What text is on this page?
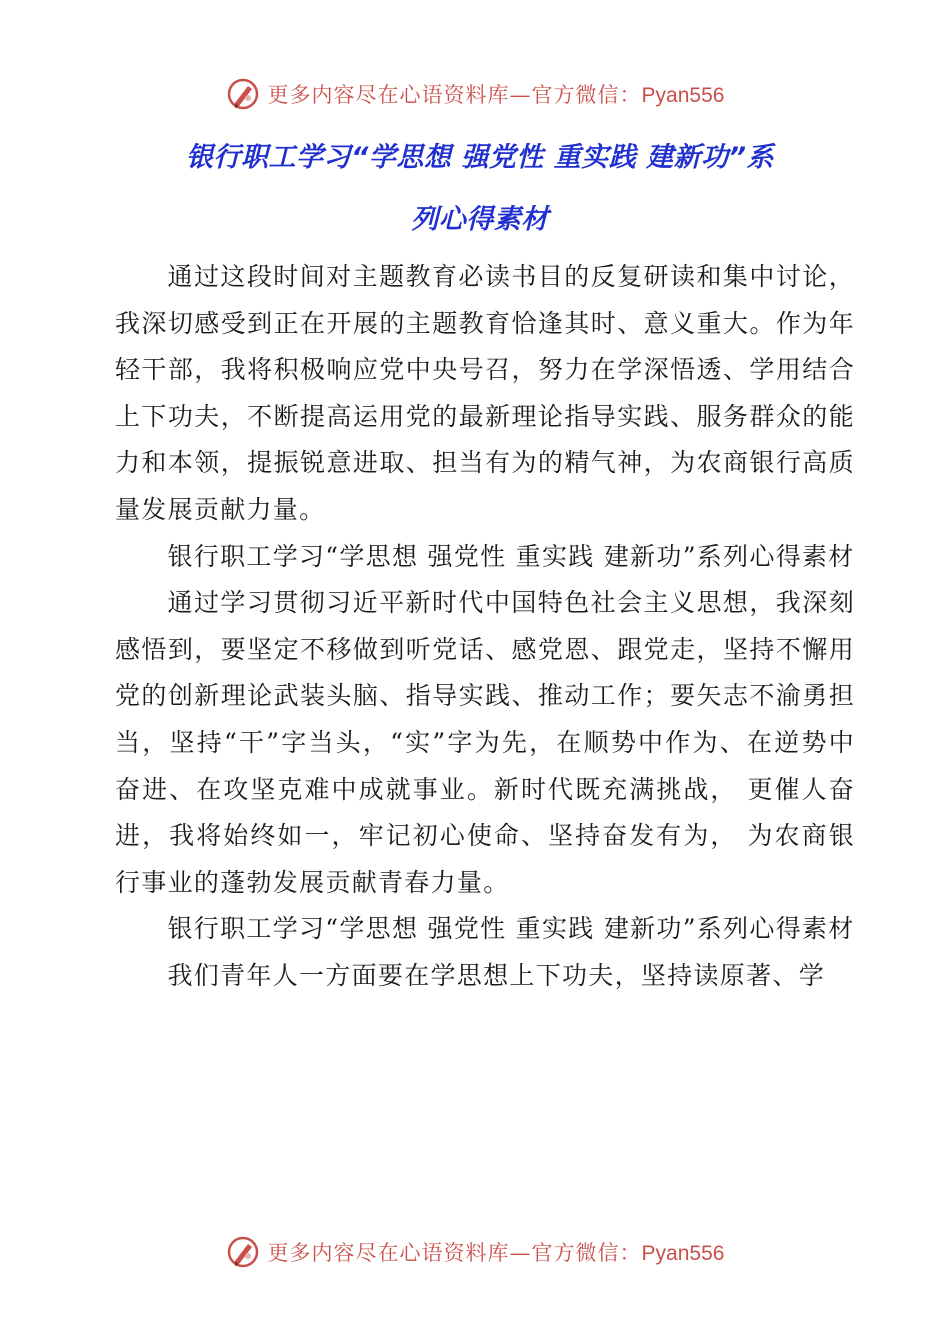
更多内容尽在心语资料库—官方微信：Pyan556
银行职工学习“学思想 强党性 重实践 建新功”系
列心得素材

通过这段时间对主题教育必读书目的反复研读和集中讨论，我深切感受到正在开展的主题教育恰逢其时、意义重大。作为年轻干部，我将积极响应党中央号召，努力在学深悟透、学用结合上下功夫，不断提高运用党的最新理论指导实践、服务群众的能力和本领，提振锐意进取、担当有为的精气神，为农商银行高质量发展贡献力量。

银行职工学习“学思想 强党性 重实践 建新功”系列心得素材

通过学习贯彻习近平新时代中国特色社会主义思想，我深刻感悟到，要坚定不移做到听党话、感党恩、跟党走，坚持不懈用党的创新理论武装头脑、指导实践、推动工作；要矢志不渝勇担当，坚持“干”字当头，“实”字为先，在顺势中作为、在逆势中奋进、在攻坚克难中成就事业。新时代既充满挑战， 更催人奋进，我将始终如一，牢记初心使命、坚持奋发有为， 为农商银行事业的蓬勃发展贡献青春力量。

银行职工学习“学思想 强党性 重实践 建新功”系列心得素材

我们青年人一方面要在学思想上下功夫，坚持读原著、学

更多内容尽在心语资料库—官方微信：Pyan556
